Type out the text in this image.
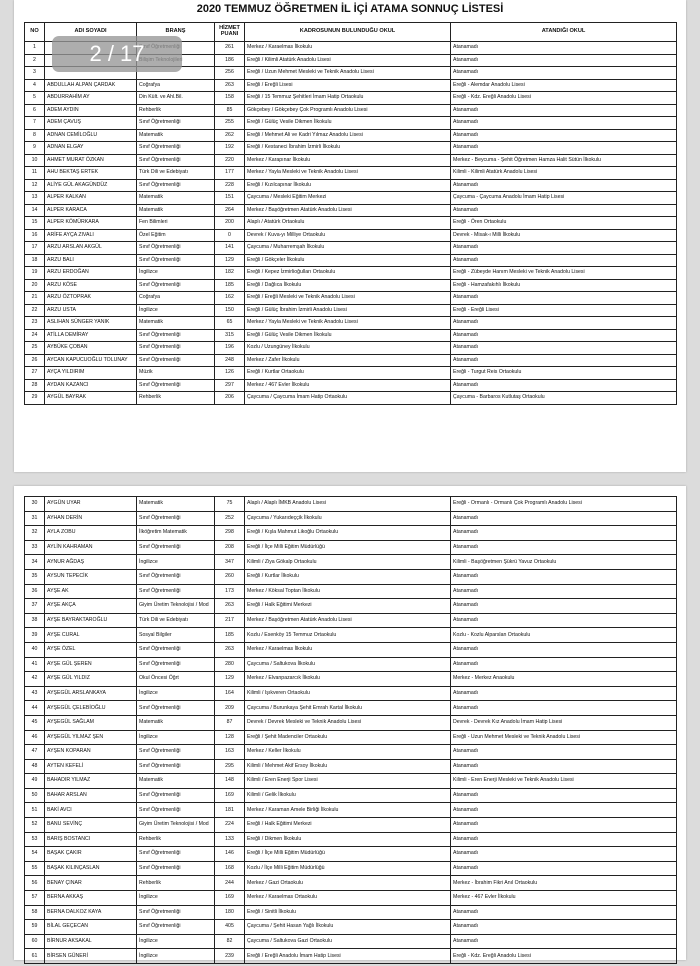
2020 TEMMUZ ÖĞRETMEN İL İÇİ ATAMA SONNUÇ LİSTESİ
NO	ADI SOYADI	BRANŞ	HİZMET PUANI	KADROSUNUN BULUNDUĞU OKUL	ATANDIĞI OKUL
1			261	Merkez / Karaelmas İlkokulu	Atanamadı
2			186	Ereğli / Kilimli Atatürk Anadolu Lisesi	Atanamadı
3			256	Ereğli / Uzun Mehmet Mesleki ve Teknik Anadolu Lisesi	Atanamadı
4	ABDULLAH ALPAN ÇARDAK	Coğrafya	263	Ereğli / Ereğli Lisesi	Ereğli - Alemdar Anadolu Lisesi
5	ABDURRAHİM AY	Din Kült. ve Ahl.Bil.	158	Ereğli / 15 Temmuz Şehitleri İmam Hatip Ortaokulu	Ereğli - Kdz. Ereğli Anadolu Lisesi
6	ADEM AYDIN	Rehberlik	85	Gökçebey / Gökçebey Çok Programlı Anadolu Lisesi	Atanamadı
7	ADEM ÇAVUŞ	Sınıf Öğretmenliği	255	Ereğli / Gülüç Vesile Dikmen İlkokulu	Atanamadı
8	ADNAN CEMİLOĞLU	Matematik	262	Ereğli / Mehmet Ali ve Kadri Yılmaz Anadolu Lisesi	Atanamadı
9	ADNAN ELGAY	Sınıf Öğretmenliği	192	Ereğli / Kestaneci İbrahim İzmirli İlkokulu	Atanamadı
10	AHMET MURAT ÖZKAN	Sınıf Öğretmenliği	220	Merkez / Karapınar İlkokulu	Merkez - Beycuma - Şehit Öğretmen Hamza Halit Sütün İlkokulu
11	AHU BEKTAŞ ERTEK	Türk Dili ve Edebiyatı	177	Merkez / Yayla Mesleki ve Teknik Anadolu Lisesi	Kilimli - Kilimli Atatürk Anadolu Lisesi
12	ALİYE GÜL AKAGÜNDÜZ	Sınıf Öğretmenliği	228	Ereğli / Kızılcapınar İlkokulu	Atanamadı
13	ALPER KALKAN	Matematik	151	Çaycuma / Mesleki Eğitim Merkezi	Çaycuma - Çaycuma Anadolu İmam Hatip Lisesi
14	ALPER KARACA	Matematik	264	Merkez / Başöğretmen Atatürk Anadolu Lisesi	Atanamadı
15	ALPER KÖMÜRKARA	Fen Bilimleri	200	Alaplı / Atatürk Ortaokulu	Ereğli - Ören Ortaokulu
16	ARİFE AYÇA ZIVALI	Özel Eğitim	0	Devrek / Kuva-yı Milliye Ortaokulu	Devrek - Misak-ı Milli İlkokulu
17	ARZU ARSLAN AKGÜL	Sınıf Öğretmenliği	141	Çaycuma / Muharremşah İlkokulu	Atanamadı
18	ARZU BALI	Sınıf Öğretmenliği	129	Ereğli / Gökçeler İlkokulu	Atanamadı
19	ARZU ERDOĞAN	İngilizce	182	Ereğli / Kepez İzmirlioğulları Ortaokulu	Ereğli - Zübeyde Hanım Mesleki ve Teknik Anadolu Lisesi
20	ARZU KÖSE	Sınıf Öğretmenliği	185	Ereğli / Dağlıca İlkokulu	Ereğli - Hamzafakıhlı İlkokulu
21	ARZU ÖZTOPRAK	Coğrafya	162	Ereğli / Ereğli Mesleki ve Teknik Anadolu Lisesi	Atanamadı
22	ARZU USTA	İngilizce	150	Ereğli / Gülüç İbrahim İzmirli Anadolu Lisesi	Ereğli - Ereğli Lisesi
23	ASLIHAN SÜNGER YANIK	Matematik	65	Merkez / Yayla Mesleki ve Teknik Anadolu Lisesi	Atanamadı
24	ATİLLA DEMİRAY	Sınıf Öğretmenliği	315	Ereğli / Gülüç Vesile Dikmen İlkokulu	Atanamadı
25	AYBÜKE ÇOBAN	Sınıf Öğretmenliği	196	Kozlu / Uzungüney İlkokulu	Atanamadı
26	AYCAN KAPUCUOĞLU TOLUNAY	Sınıf Öğretmenliği	248	Merkez / Zafer İlkokulu	Atanamadı
27	AYÇA YILDIRIM	Müzik	126	Ereğli / Kurtlar Ortaokulu	Ereğli - Turgut Reis Ortaokulu
28	AYDAN KAZANCI	Sınıf Öğretmenliği	297	Merkez / 467 Evler İlkokulu	Atanamadı
29	AYGÜL BAYRAK	Rehberlik	206	Çaycuma / Çaycuma İmam Hatip Ortaokulu	Çaycuma - Barbaros Kutlutaş Ortaokulu
2 / 17
30	AYGÜN UYAR	Matematik	75	Alaplı / Alaplı İMKB Anadolu Lisesi	Ereğli - Ormanlı - Ormanlı Çok Programlı Anadolu Lisesi
31	AYHAN DERİN	Sınıf Öğretmenliği	252	Çaycuma / Yukarıdeççik İlkokulu	Atanamadı
32	AYLA ZOBU	İlköğretim Matematik	298	Ereğli / Kışla Mahmut Likoğlu Ortaokulu	Atanamadı
33	AYLİN KAHRAMAN	Sınıf Öğretmenliği	208	Ereğli / İlçe Milli Eğitim Müdürlüğü	Atanamadı
34	AYNUR AĞDAŞ	İngilizce	347	Kilimli / Ziya Gökalp Ortaokulu	Kilimli - Başöğretmen Şükrü Yavuz Ortaokulu
35	AYSUN TEPECİK	Sınıf Öğretmenliği	260	Ereğli / Kurtlar İlkokulu	Atanamadı
36	AYŞE AK	Sınıf Öğretmenliği	173	Merkez / Köksal Toptan İlkokulu	Atanamadı
37	AYŞE AKÇA	Giyim Üretim Teknolojisi / Mod	263	Ereğli / Halk Eğitimi Merkezi	Atanamadı
38	AYŞE BAYRAKTAROĞLU	Türk Dili ve Edebiyatı	217	Merkez / Başöğretmen Atatürk Anadolu Lisesi	Atanamadı
39	AYŞE CURAL	Sosyal Bilgiler	185	Kozlu / Esenköy 15 Temmuz Ortaokulu	Kozlu - Kozlu Alparslan Ortaokulu
40	AYŞE ÖZEL	Sınıf Öğretmenliği	263	Merkez / Karaelmas İlkokulu	Atanamadı
41	AYŞE GÜL ŞEREN	Sınıf Öğretmenliği	280	Çaycuma / Saltukova İlkokulu	Atanamadı
42	AYŞE GÜL YILDIZ	Okul Öncesi Öğrt	129	Merkez / Elvanpazarcık İlkokulu	Merkez - Merkez Anaokulu
43	AYŞEGÜL ARSLANKAYA	İngilizce	164	Kilimli / Işıkveren Ortaokulu	Atanamadı
44	AYŞEGÜL ÇELEBİOĞLU	Sınıf Öğretmenliği	209	Çaycuma / Burunkaya Şehit Emrah Kartal İlkokulu	Atanamadı
45	AYŞEGÜL SAĞLAM	Matematik	87	Devrek / Devrek Mesleki ve Teknik Anadolu Lisesi	Devrek - Devrek Kız Anadolu İmam Hatip Lisesi
46	AYŞEGÜL YILMAZ ŞEN	İngilizce	128	Ereğli / Şehit Madenciler Ortaokulu	Ereğli - Uzun Mehmet Mesleki ve Teknik Anadolu Lisesi
47	AYŞEN KOPARAN	Sınıf Öğretmenliği	163	Merkez / Keller İlkokulu	Atanamadı
48	AYTEN KEFELİ	Sınıf Öğretmenliği	295	Kilimli / Mehmet Akif Ersoy İlkokulu	Atanamadı
49	BAHADIR YILMAZ	Matematik	148	Kilimli / Eren Enerji Spor Lisesi	Kilimli - Eren Enerji Mesleki ve Teknik Anadolu Lisesi
50	BAHAR ARSLAN	Sınıf Öğretmenliği	169	Kilimli / Gelik İlkokulu	Atanamadı
51	BAKİ AVCI	Sınıf Öğretmenliği	181	Merkez / Karaman Amele Birliği İlkokulu	Atanamadı
52	BANU SEVİNÇ	Giyim Üretim Teknolojisi / Mod	224	Ereğli / Halk Eğitimi Merkezi	Atanamadı
53	BARIŞ BOSTANCI	Rehberlik	133	Ereğli / Dikmen İlkokulu	Atanamadı
54	BAŞAK ÇAKIR	Sınıf Öğretmenliği	146	Ereğli / İlçe Milli Eğitim Müdürlüğü	Atanamadı
55	BAŞAK KILINÇASLAN	Sınıf Öğretmenliği	168	Kozlu / İlçe Milli Eğitim Müdürlüğü	Atanamadı
56	BENAY ÇINAR	Rehberlik	244	Merkez / Gazi Ortaokulu	Merkez - İbrahim Fikri Anıl Ortaokulu
57	BERNA AKKAŞ	İngilizce	169	Merkez / Karaelmas Ortaokulu	Merkez - 467 Evler İlkokulu
58	BERNA DALKOZ KAYA	Sınıf Öğretmenliği	180	Ereğli / Sinitli İlkokulu	Atanamadı
59	BİLAL GEÇECAN	Sınıf Öğretmenliği	405	Çaycuma / Şehit Hasan Yağlı İlkokulu	Atanamadı
60	BİRNUR AKSAKAL	İngilizce	82	Çaycuma / Saltukova Gazi Ortaokulu	Atanamadı
61	BİRSEN GÜNERİ	İngilizce	239	Ereğli / Ereğli Anadolu İmam Hatip Lisesi	Ereğli - Kdz. Ereğli Anadolu Lisesi
